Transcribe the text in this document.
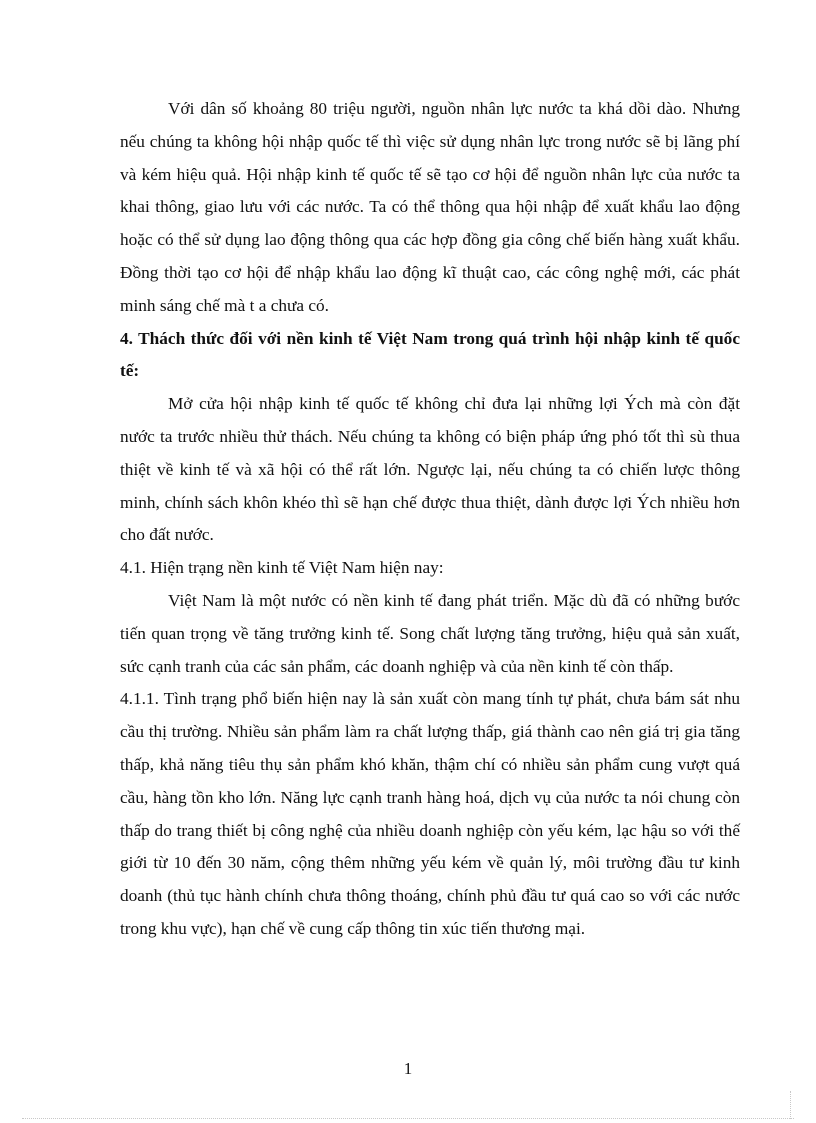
Với dân số khoảng 80 triệu người, nguồn nhân lực nước ta khá dồi dào. Nhưng nếu chúng ta không hội nhập quốc tế thì việc sử dụng nhân lực trong nước sẽ bị lãng phí và kém hiệu quả. Hội nhập kinh tế quốc tế sẽ tạo cơ hội để nguồn nhân lực của nước ta khai thông, giao lưu với các nước. Ta có thể thông qua hội nhập để xuất khẩu lao động hoặc có thể sử dụng lao động thông qua các hợp đồng gia công chế biến hàng xuất khẩu. Đồng thời tạo cơ hội để nhập khẩu lao động kĩ thuật cao, các công nghệ mới, các phát minh sáng chế mà t a chưa có.

4. Thách thức đối với nền kinh tế Việt Nam trong quá trình hội nhập kinh tế quốc tế:

Mở cửa hội nhập kinh tế quốc tế không chỉ đưa lại những lợi Ých mà còn đặt nước ta trước nhiều thử thách. Nếu chúng ta không có biện pháp ứng phó tốt thì sù thua thiệt về kinh tế và xã hội có thể rất lớn. Ngược lại, nếu chúng ta có chiến lược thông minh, chính sách khôn khéo thì sẽ hạn chế được thua thiệt, dành được lợi Ých nhiều hơn cho đất nước.

4.1. Hiện trạng nền kinh tế Việt Nam hiện nay:

Việt Nam là một nước có nền kinh tế đang phát triển. Mặc dù đã có những bước tiến quan trọng về tăng trưởng kinh tế. Song chất lượng tăng trưởng, hiệu quả sản xuất, sức cạnh tranh của các sản phẩm, các doanh nghiệp và của nền kinh tế còn thấp.

4.1.1. Tình trạng phổ biến hiện nay là sản xuất còn mang tính tự phát, chưa bám sát nhu cầu thị trường. Nhiều sản phẩm làm ra chất lượng thấp, giá thành cao nên giá trị gia tăng thấp, khả năng tiêu thụ sản phẩm khó khăn, thậm chí có nhiều sản phẩm cung vượt quá cầu, hàng tồn kho lớn. Năng lực cạnh tranh hàng hoá, dịch vụ của nước ta nói chung còn thấp do trang thiết bị công nghệ của nhiều doanh nghiệp còn yếu kém, lạc hậu so với thế giới từ 10 đến 30 năm, cộng thêm những yếu kém về quản lý, môi trường đầu tư kinh doanh (thủ tục hành chính chưa thông thoáng, chính phủ đầu tư quá cao so với các nước trong khu vực), hạn chế về cung cấp thông tin xúc tiến thương mại.

1
